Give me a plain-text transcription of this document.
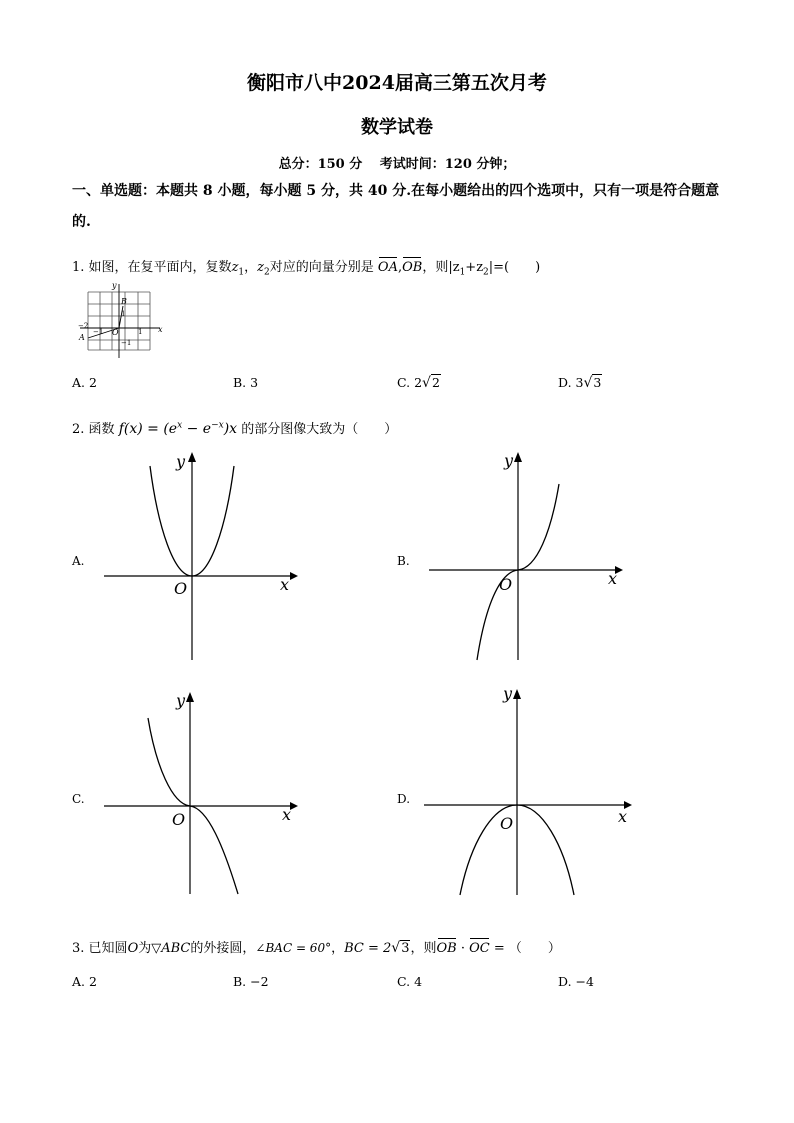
衡阳市八中2024届高三第五次月考
数学试卷
总分：150 分　 考试时间：120 分钟；
一、单选题：本题共 8 小题，每小题 5 分，共 40 分.在每小题给出的四个选项中，只有一项是符合题意的.
1. 如图，在复平面内，复数$z_1$，$z_2$对应的向量分别是 OA,OB，则$|z_1+z_2|=$(　　)
y
x
B
A
O
−2
−1	1
1
−1
A. 2	B. 3	C. 2√2	D. 3√3
2. 函数 $f(x) = (e^x - e^{-x})x$ 的部分图像大致为（　　）
A.	B.
C.	D.
y
x
O
y
x
O
y
x
O
y
x
O
3. 已知圆O为▽ABC的外接圆，∠BAC = 60°，BC = 2√3，则OB · OC = （　　）
A. 2	B. −2	C. 4	D. −4
